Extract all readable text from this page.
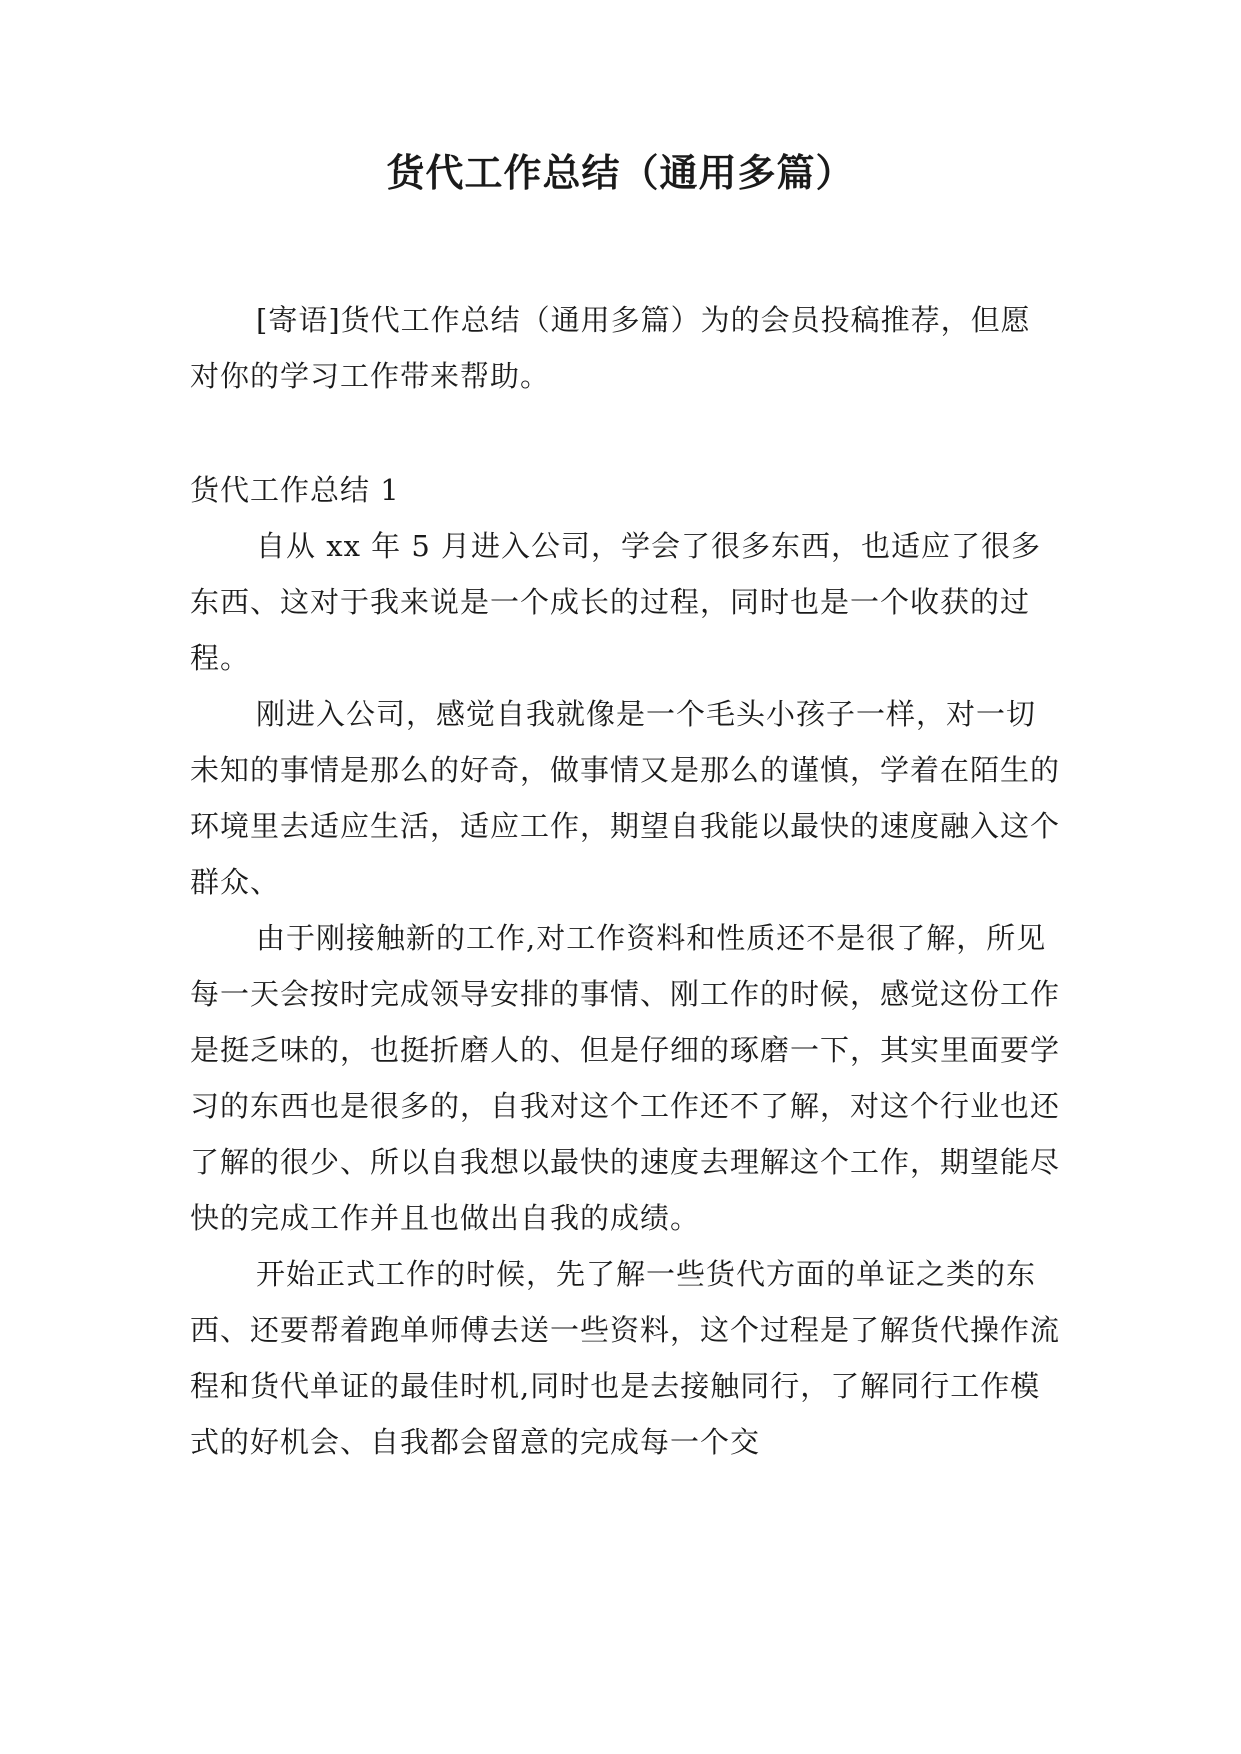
货代工作总结（通用多篇）

[寄语]货代工作总结（通用多篇）为的会员投稿推荐，但愿对你的学习工作带来帮助。

货代工作总结 1

自从 xx 年 5 月进入公司，学会了很多东西，也适应了很多东西、这对于我来说是一个成长的过程，同时也是一个收获的过程。

刚进入公司，感觉自我就像是一个毛头小孩子一样，对一切未知的事情是那么的好奇，做事情又是那么的谨慎，学着在陌生的环境里去适应生活，适应工作，期望自我能以最快的速度融入这个群众、

由于刚接触新的工作,对工作资料和性质还不是很了解，所见每一天会按时完成领导安排的事情、刚工作的时候，感觉这份工作是挺乏味的，也挺折磨人的、但是仔细的琢磨一下，其实里面要学习的东西也是很多的，自我对这个工作还不了解，对这个行业也还了解的很少、所以自我想以最快的速度去理解这个工作，期望能尽快的完成工作并且也做出自我的成绩。

开始正式工作的时候，先了解一些货代方面的单证之类的东西、还要帮着跑单师傅去送一些资料，这个过程是了解货代操作流程和货代单证的最佳时机,同时也是去接触同行，了解同行工作模式的好机会、自我都会留意的完成每一个交
